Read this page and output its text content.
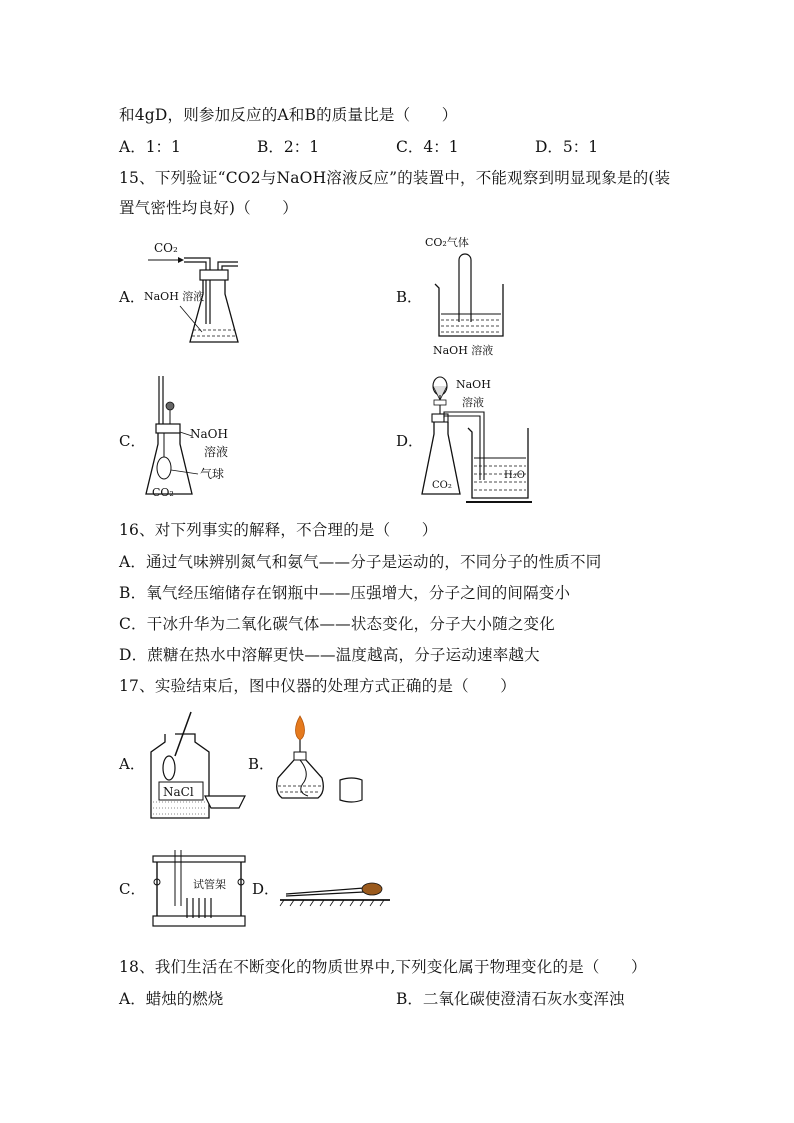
和4gD，则参加反应的A和B的质量比是（　　）
A．1：1	B．2：1	C．4：1	D．5：1
15、下列验证“CO2与NaOH溶液反应”的装置中，不能观察到明显现象是的(装
置气密性均良好)（　　）
A．
CO₂
NaOH 溶液	B．
CO₂气体
NaOH 溶液
C．	NaOH
溶液
气球
CO₂
D．
NaOH
溶液
CO₂
H₂O
16、对下列事实的解释，不合理的是（　　）
A．通过气味辨别氮气和氨气——分子是运动的，不同分子的性质不同
B．氧气经压缩储存在钢瓶中——压强增大，分子之间的间隔变小
C．干冰升华为二氧化碳气体——状态变化，分子大小随之变化
D．蔗糖在热水中溶解更快——温度越高，分子运动速率越大
17、实验结束后，图中仪器的处理方式正确的是（　　）
A．
NaCl
B．
C．	试管架 D．
18、我们生活在不断变化的物质世界中,下列变化属于物理变化的是（　　）
A．蜡烛的燃烧	B．二氧化碳使澄清石灰水变浑浊
